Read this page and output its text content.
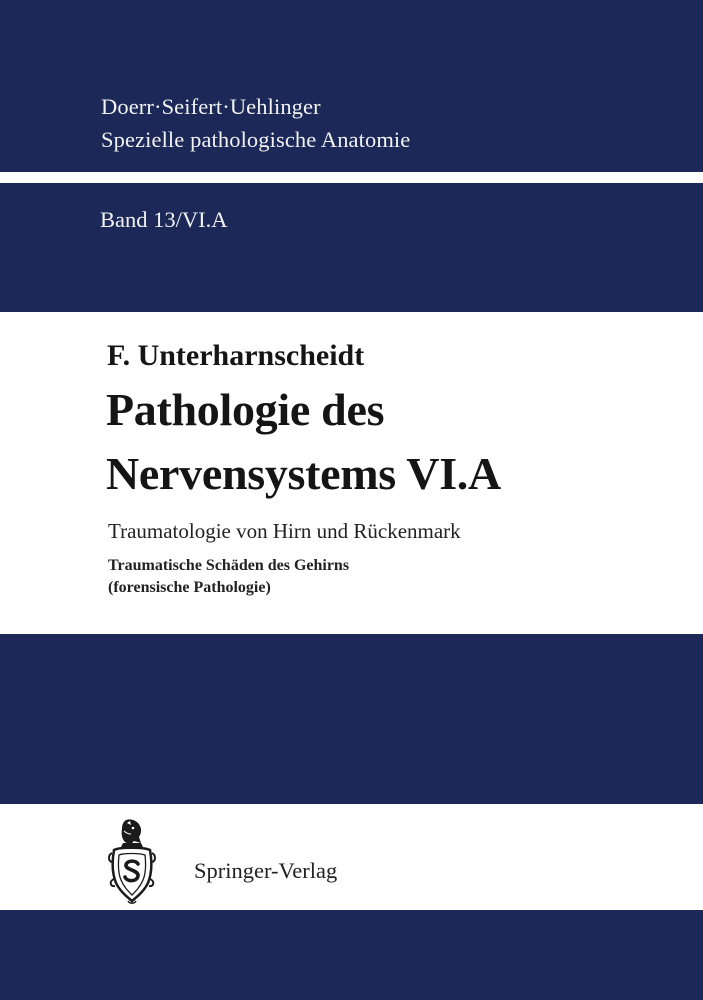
Doerr·Seifert·Uehlinger
Spezielle pathologische Anatomie
Band 13/VI.A
F. Unterharnscheidt
Pathologie des
Nervensystems VI.A
Traumatologie von Hirn und Rückenmark
Traumatische Schäden des Gehirns
(forensische Pathologie)
Springer-Verlag
